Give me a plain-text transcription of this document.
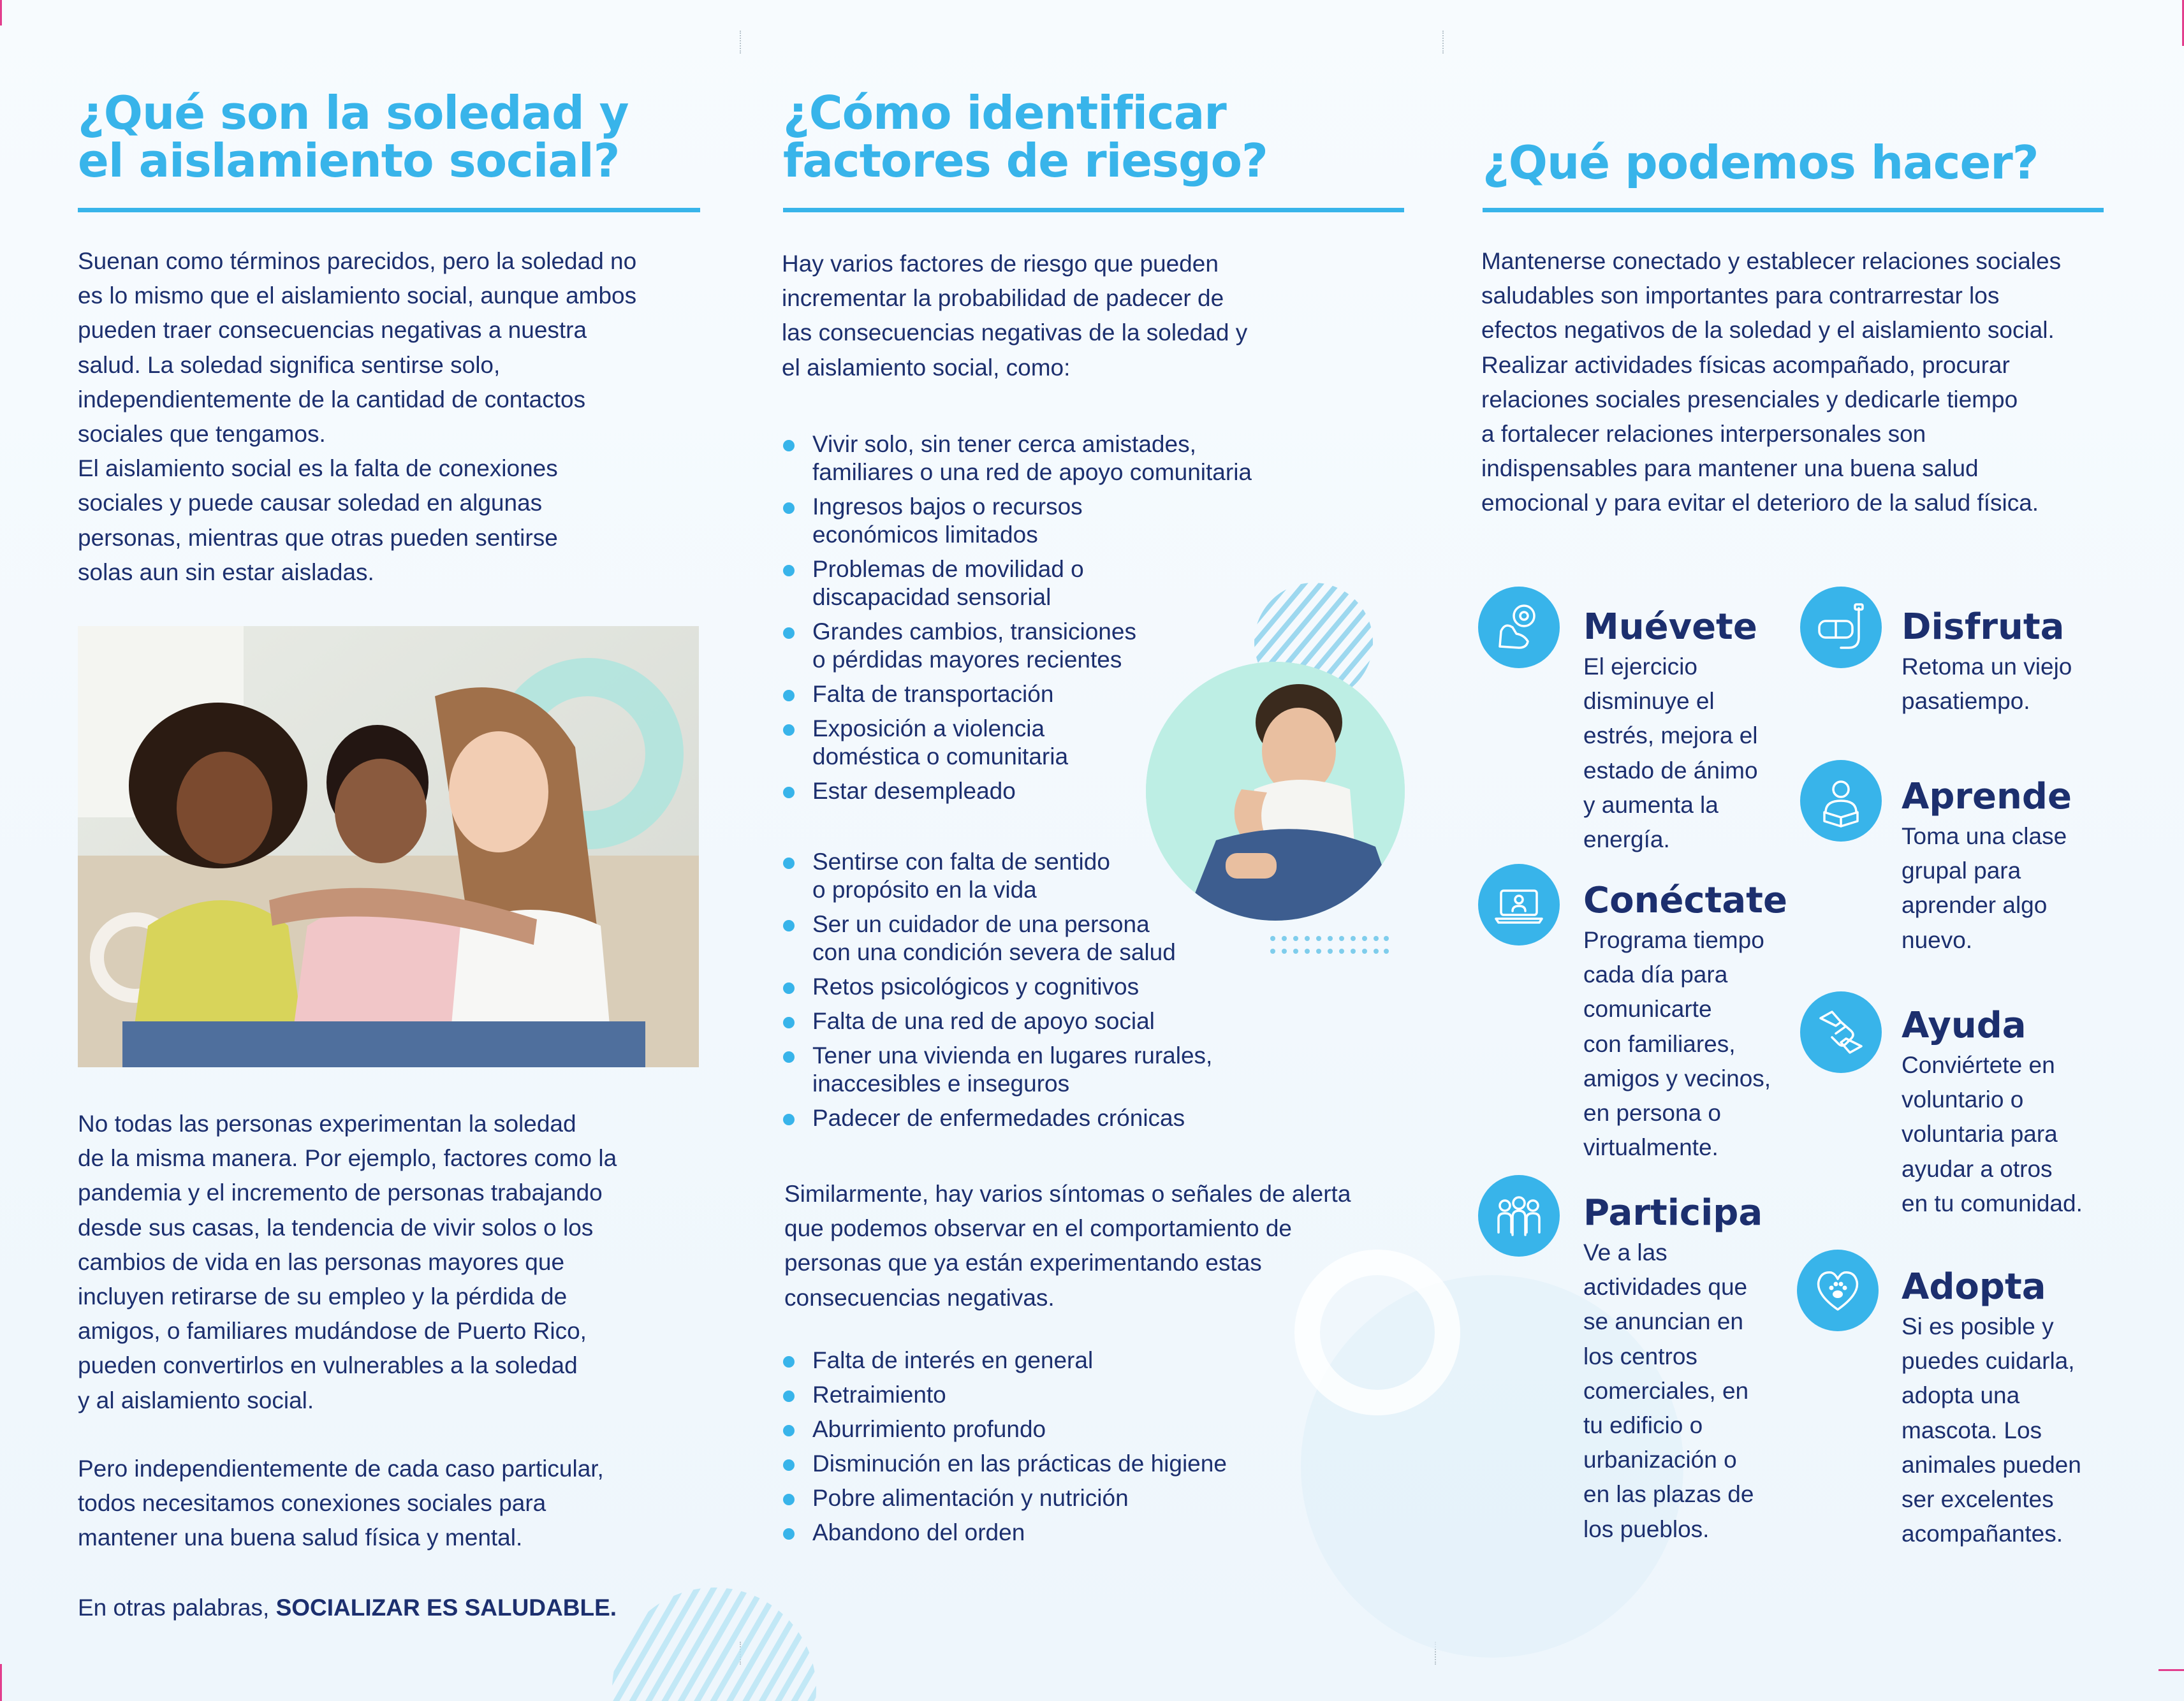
¿Qué son la soledad y
el aislamiento social?

Suenan como términos parecidos, pero la soledad no
es lo mismo que el aislamiento social, aunque ambos
pueden traer consecuencias negativas a nuestra
salud. La soledad significa sentirse solo,
independientemente de la cantidad de contactos
sociales que tengamos.
El aislamiento social es la falta de conexiones
sociales y puede causar soledad en algunas
personas, mientras que otras pueden sentirse
solas aun sin estar aisladas.

No todas las personas experimentan la soledad
de la misma manera. Por ejemplo, factores como la
pandemia y el incremento de personas trabajando
desde sus casas, la tendencia de vivir solos o los
cambios de vida en las personas mayores que
incluyen retirarse de su empleo y la pérdida de
amigos, o familiares mudándose de Puerto Rico,
pueden convertirlos en vulnerables a la soledad
y al aislamiento social.

Pero independientemente de cada caso particular,
todos necesitamos conexiones sociales para
mantener una buena salud física y mental.

En otras palabras, SOCIALIZAR ES SALUDABLE.

¿Cómo identificar
factores de riesgo?

Hay varios factores de riesgo que pueden
incrementar la probabilidad de padecer de
las consecuencias negativas de la soledad y
el aislamiento social, como:

Vivir solo, sin tener cerca amistades,
familiares o una red de apoyo comunitaria
Ingresos bajos o recursos
económicos limitados
Problemas de movilidad o
discapacidad sensorial
Grandes cambios, transiciones
o pérdidas mayores recientes
Falta de transportación
Exposición a violencia
doméstica o comunitaria
Estar desempleado
Sentirse con falta de sentido
o propósito en la vida
Ser un cuidador de una persona
con una condición severa de salud
Retos psicológicos y cognitivos
Falta de una red de apoyo social
Tener una vivienda en lugares rurales,
inaccesibles e inseguros
Padecer de enfermedades crónicas

Similarmente, hay varios síntomas o señales de alerta
que podemos observar en el comportamiento de
personas que ya están experimentando estas
consecuencias negativas.

Falta de interés en general
Retraimiento
Aburrimiento profundo
Disminución en las prácticas de higiene
Pobre alimentación y nutrición
Abandono del orden
¿Qué podemos hacer?

Mantenerse conectado y establecer relaciones sociales
saludables son importantes para contrarrestar los
efectos negativos de la soledad y el aislamiento social.
Realizar actividades físicas acompañado, procurar
relaciones sociales presenciales y dedicarle tiempo
a fortalecer relaciones interpersonales son
indispensables para mantener una buena salud
emocional y para evitar el deterioro de la salud física.

Muévete

El ejercicio
disminuye el
estrés, mejora el
estado de ánimo
y aumenta la
energía.

Disfruta

Retoma un viejo
pasatiempo.

Aprende

Toma una clase
grupal para
aprender algo
nuevo.

Conéctate

Programa tiempo
cada día para
comunicarte
con familiares,
amigos y vecinos,
en persona o
virtualmente.

Ayuda

Conviértete en
voluntario o
voluntaria para
ayudar a otros
en tu comunidad.

Participa

Ve a las
actividades que
se anuncian en
los centros
comerciales, en
tu edificio o
urbanización o
en las plazas de
los pueblos.

Adopta

Si es posible y
puedes cuidarla,
adopta una
mascota. Los
animales pueden
ser excelentes
acompañantes.
